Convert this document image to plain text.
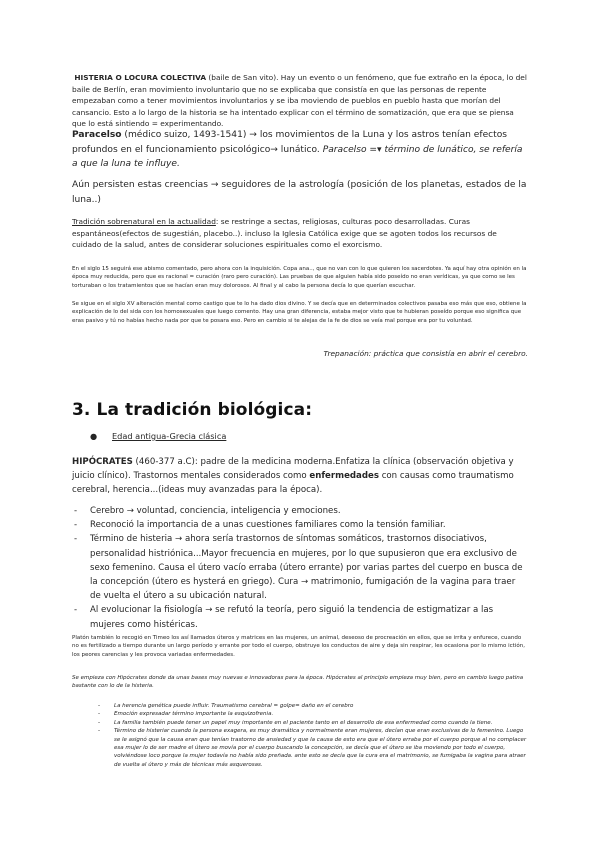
HISTERIA O LOCURA COLECTIVA (baile de San vito). Hay un evento o un fenómeno, que fue extraño en la época, lo del baile de Berlín, eran movimiento involuntario que no se explicaba que consistía en que las personas de repente empezaban como a tener movimientos involuntarios y se iba moviendo de pueblos en pueblo hasta que morían del cansancio. Esto a lo largo de la historia se ha intentado explicar con el término de somatización, que era que se piensa que lo está sintiendo = experimentando.

Paracelso (médico suizo, 1493-1541) → los movimientos de la Luna y los astros tenían efectos profundos en el funcionamiento psicológico→ lunático. Paracelso =▾ término de lunático, se refería a que la luna te influye.

Aún persisten estas creencias → seguidores de la astrología (posición de los planetas, estados de la luna..)

Tradición sobrenatural en la actualidad: se restringe a sectas, religiosas, culturas poco desarrolladas. Curas espantáneos(efectos de sugestián, placebo..). incluso la Iglesia Católica exige que se agoten todos los recursos de cuidado de la salud, antes de considerar soluciones espirituales como el exorcismo.

En el siglo 15 seguirá ese abismo comentado, pero ahora con la inquisición. Copa ana.., que no van con lo que quieren los sacerdotes. Ya aquí hay otra opinión en la época muy reducida, pero que es racional = curación (raro pero curación). Las pruebas de que alguien había sido poseído no eran verídicas, ya que como se les torturaban o los tratamientos que se hacían eran muy dolorosos. Al final y al cabo la persona decía lo que querían escuchar.

Se sigue en el siglo XV alteración mental como castigo que te lo ha dado dios divino. Y se decía que en determinados colectivos pasaba eso más que eso, obtiene la explicación de lo del sida con los homosexuales que luego comento. Hay una gran diferencia, estaba mejor visto que te hubieran poseído porque eso significa que eras pasivo y tú no habías hecho nada por que te posara eso. Pero en cambio si te alejas de la fe de dios se veía mal porque era por tu voluntad.

Trepanación: práctica que consistía en abrir el cerebro.

3. La tradición biológica:
● Edad antigua-Grecia clásica

HIPÓCRATES (460-377 a.C): padre de la medicina moderna.Enfatiza la clínica (observación objetiva y juicio clínico). Trastornos mentales considerados como enfermedades con causas como traumatismo cerebral, herencia...(ideas muy avanzadas para la época).

- Cerebro → voluntad, conciencia, inteligencia y emociones.
- Reconoció la importancia de a unas cuestiones familiares como la tensión familiar.
- Término de histeria → ahora sería trastornos de síntomas somáticos, trastornos disociativos, personalidad histriónica...Mayor frecuencia en mujeres, por lo que supusieron que era exclusivo de sexo femenino. Causa el útero vacío erraba (útero errante) por varias partes del cuerpo en busca de la concepción (útero es hysterá en griego). Cura → matrimonio, fumigación de la vagina para traer de vuelta el útero a su ubicación natural.
- Al evolucionar la fisiología → se refutó la teoría, pero siguió la tendencia de estigmatizar a las mujeres como histéricas.

Platón también lo recogió en Timeo los así llamados úteros y matrices en las mujeres, un animal, deseoso de procreación en ellos, que se irrita y enfurece, cuando no es fertilizado a tiempo durante un largo período y errante por todo el cuerpo, obstruye los conductos de aire y deja sin respirar, les ocasiona por lo mismo ictión, los peores carencias y les provoca variadas enfermedades.

Se empieza con Hipócrates donde da unas bases muy nuevas e innovadoras para la época. Hipócrates al principio empieza muy bien, pero en cambio luego patina bastante con lo de la histeria.

- La herencia genética puede influir. Traumatismo cerebral = golpe= daño en el cerebro
- Emoción expresadar término importante la esquizofrenia.
- La familia también puede tener un papel muy importante en el paciente tanto en el desarrollo de esa enfermedad como cuando la tiene.
- Término de histeriar cuando la persona exagera, es muy dramática y normalmente eran mujeres, decían que eran exclusivas de lo femenino. Luego se le asignó que la causa eran que tenían trastorno de ansiedad y que la causa de esto era que el útero erraba por el cuerpo porque al no complacer esa mujer lo de ser madre el útero se movía por el cuerpo buscando la concepción, se decía que el útero se iba moviendo por todo el cuerpo, volviéndose loco porque la mujer todavía no había sido preñada. ante esto se decía que la cura era el matrimonio, se fumigaba la vagina para atraer de vuelta al útero y más de técnicas más asquerosas.
